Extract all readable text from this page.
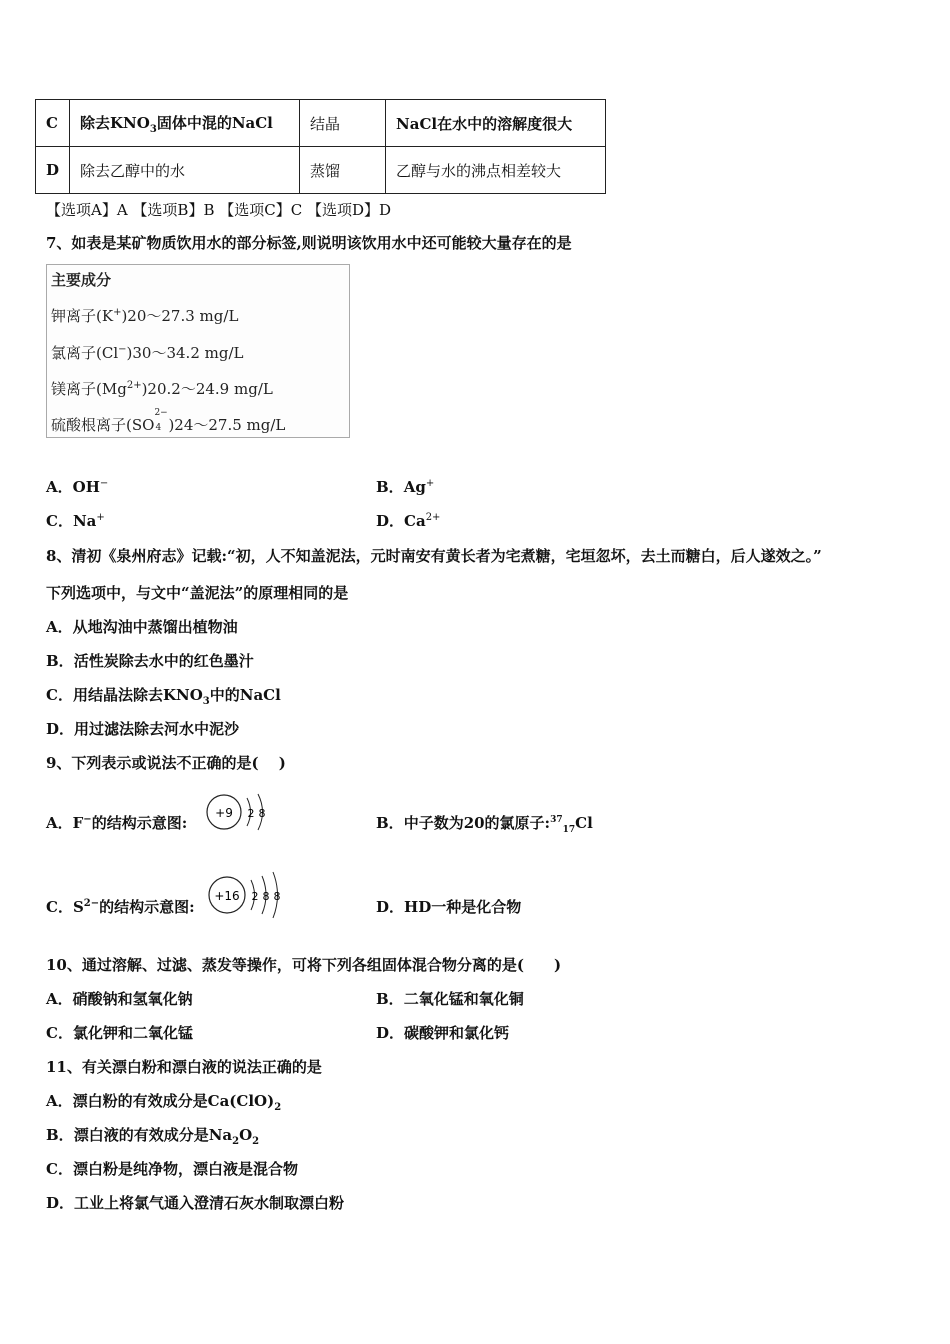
C	除去$KNO_3$固体中混的NaCl	结晶	NaCl在水中的溶解度很大
D	除去乙醇中的水	蒸馏	乙醇与水的沸点相差较大
【选项A】A 【选项B】B 【选项C】C 【选项D】D
7、如表是某矿物质饮用水的部分标签,则说明该饮用水中还可能较大量存在的是
主要成分
钾离子(K+)20～27.3 mg/L
氯离子(Cl−)30～34.2 mg/L
镁离子$(Mg^{2+})20.2\sim 24.9$ mg/L
硫酸根离子(SO
2−
4 )24～27.5 mg/L
A．OH−	B．Ag+
C．Na+	D．$Ca^{2+}$
8、清初《泉州府志》记载:“初，人不知盖泥法，元时南安有黄长者为宅煮糖，宅垣忽坏，去土而糖白，后人遂效之。”
下列选项中，与文中“盖泥法”的原理相同的是
A．从地沟油中蒸馏出植物油
B．活性炭除去水中的红色墨汁
C．用结晶法除去$KNO_3$中的NaCl
D．用过滤法除去河水中泥沙
9、下列表示或说法不正确的是(　 )
A．F−的结构示意图:
+9 2 8
B．中子数为20的氯原子:$^{37}_{17}$Cl
C．$S^{2-}$的结构示意图:
+16 2 8 8
D．HD一种是化合物
10、通过溶解、过滤、蒸发等操作，可将下列各组固体混合物分离的是(　　)
A．硝酸钠和氢氧化钠	B．二氧化锰和氧化铜
C．氯化钾和二氧化锰	D．碳酸钾和氯化钙
11、有关漂白粉和漂白液的说法正确的是
A．漂白粉的有效成分是$Ca(ClO)_2$
B．漂白液的有效成分是$Na_2O_2$
C．漂白粉是纯净物，漂白液是混合物
D．工业上将氯气通入澄清石灰水制取漂白粉
